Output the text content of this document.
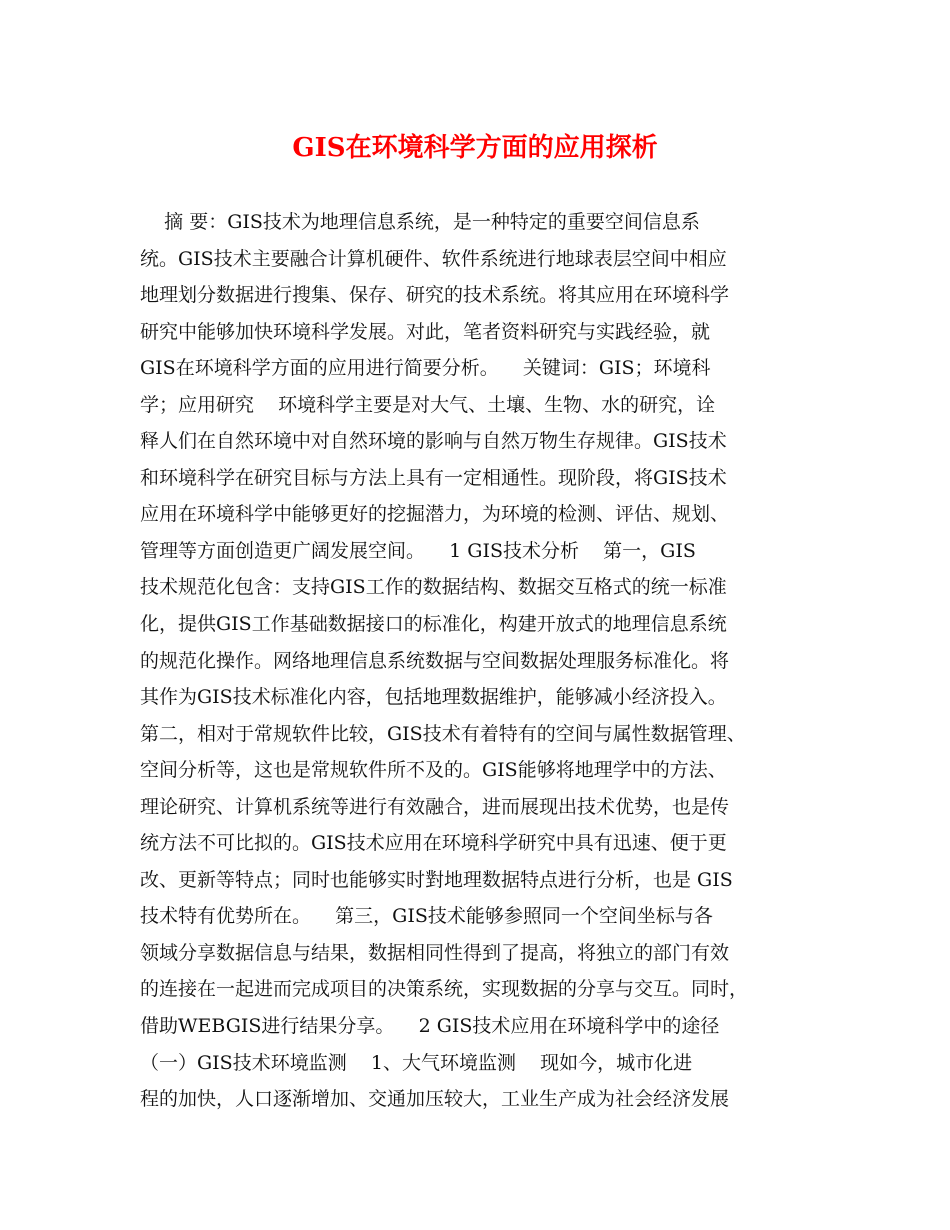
GIS在环境科学方面的应用探析
摘 要：GIS技术为地理信息系统，是一种特定的重要空间信息系
统。GIS技术主要融合计算机硬件、软件系统进行地球表层空间中相应
地理划分数据进行搜集、保存、研究的技术系统。将其应用在环境科学
研究中能够加快环境科学发展。对此，笔者资料研究与实践经验，就
GIS在环境科学方面的应用进行简要分析。    关键词：GIS；环境科
学；应用研究    环境科学主要是对大气、土壤、生物、水的研究，诠
释人们在自然环境中对自然环境的影响与自然万物生存规律。GIS技术
和环境科学在研究目标与方法上具有一定相通性。现阶段，将GIS技术
应用在环境科学中能够更好的挖掘潜力，为环境的检测、评估、规划、
管理等方面创造更广阔发展空间。    1 GIS技术分析    第一，GIS
技术规范化包含：支持GIS工作的数据结构、数据交互格式的统一标准
化，提供GIS工作基础数据接口的标准化，构建开放式的地理信息系统
的规范化操作。网络地理信息系统数据与空间数据处理服务标准化。将
其作为GIS技术标准化内容，包括地理数据维护，能够减小经济投入。
第二，相对于常规软件比较，GIS技术有着特有的空间与属性数据管理、
空间分析等，这也是常规软件所不及的。GIS能够将地理学中的方法、
理论研究、计算机系统等进行有效融合，进而展现出技术优势，也是传
统方法不可比拟的。GIS技术应用在环境科学研究中具有迅速、便于更
改、更新等特点；同时也能够实时對地理数据特点进行分析，也是 GIS
技术特有优势所在。    第三，GIS技术能够参照同一个空间坐标与各
领域分享数据信息与结果，数据相同性得到了提高，将独立的部门有效
的连接在一起进而完成项目的决策系统，实现数据的分享与交互。同时，
借助WEBGIS进行结果分享。    2 GIS技术应用在环境科学中的途径
（一）GIS技术环境监测    1、大气环境监测    现如今，城市化进
程的加快，人口逐渐增加、交通加压较大，工业生产成为社会经济发展
